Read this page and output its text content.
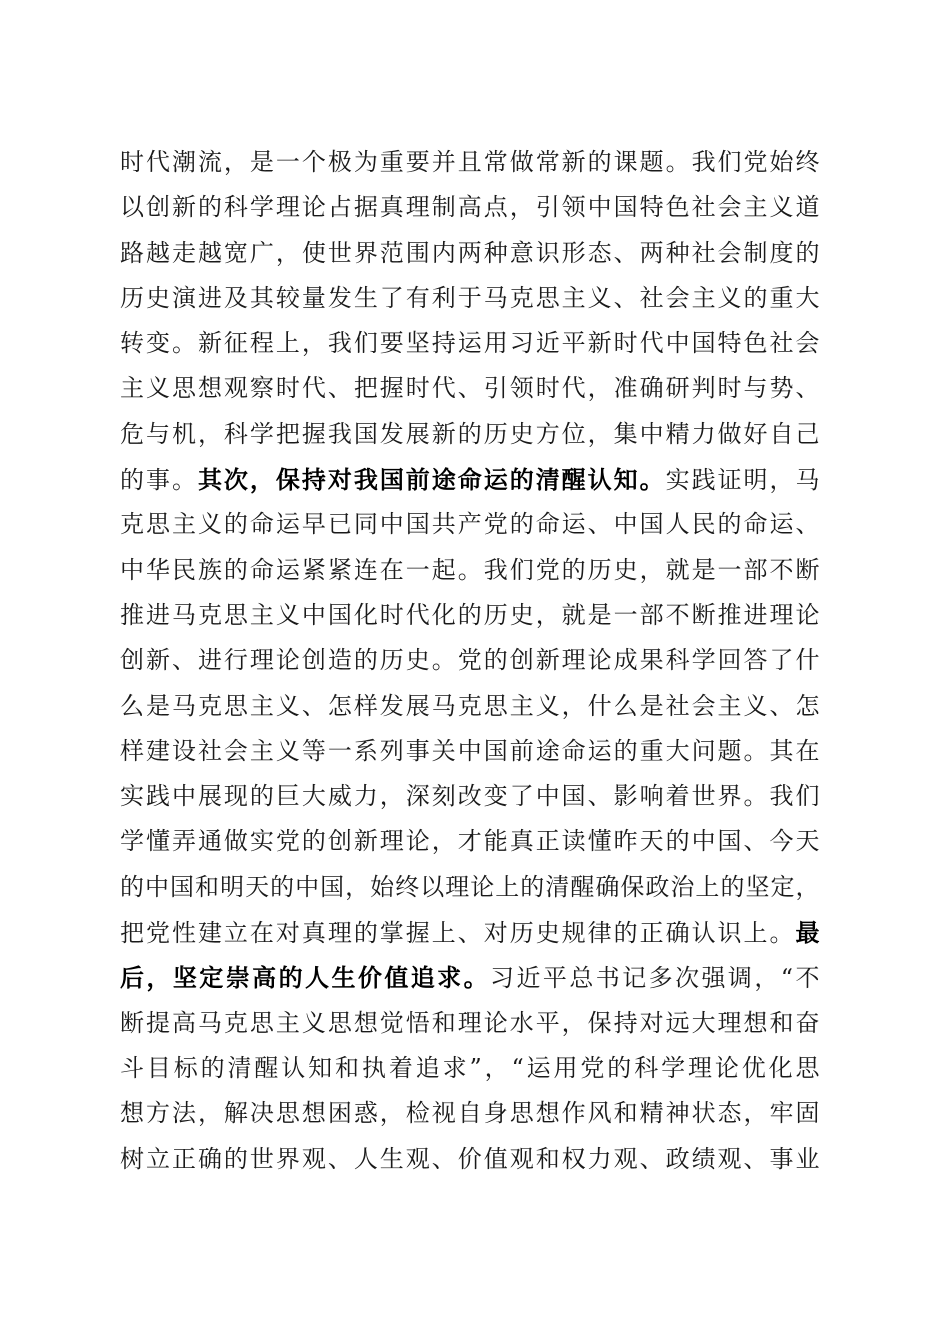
时代潮流，是一个极为重要并且常做常新的课题。我们党始终
以创新的科学理论占据真理制高点，引领中国特色社会主义道
路越走越宽广，使世界范围内两种意识形态、两种社会制度的
历史演进及其较量发生了有利于马克思主义、社会主义的重大
转变。新征程上，我们要坚持运用习近平新时代中国特色社会
主义思想观察时代、把握时代、引领时代，准确研判时与势、
危与机，科学把握我国发展新的历史方位，集中精力做好自己
的事。其次，保持对我国前途命运的清醒认知。实践证明，马
克思主义的命运早已同中国共产党的命运、中国人民的命运、
中华民族的命运紧紧连在一起。我们党的历史，就是一部不断
推进马克思主义中国化时代化的历史，就是一部不断推进理论
创新、进行理论创造的历史。党的创新理论成果科学回答了什
么是马克思主义、怎样发展马克思主义，什么是社会主义、怎
样建设社会主义等一系列事关中国前途命运的重大问题。其在
实践中展现的巨大威力，深刻改变了中国、影响着世界。我们
学懂弄通做实党的创新理论，才能真正读懂昨天的中国、今天
的中国和明天的中国，始终以理论上的清醒确保政治上的坚定，
把党性建立在对真理的掌握上、对历史规律的正确认识上。最
后，坚定崇高的人生价值追求。习近平总书记多次强调，“不
断提高马克思主义思想觉悟和理论水平，保持对远大理想和奋
斗目标的清醒认知和执着追求”，“运用党的科学理论优化思
想方法，解决思想困惑，检视自身思想作风和精神状态，牢固
树立正确的世界观、人生观、价值观和权力观、政绩观、事业
